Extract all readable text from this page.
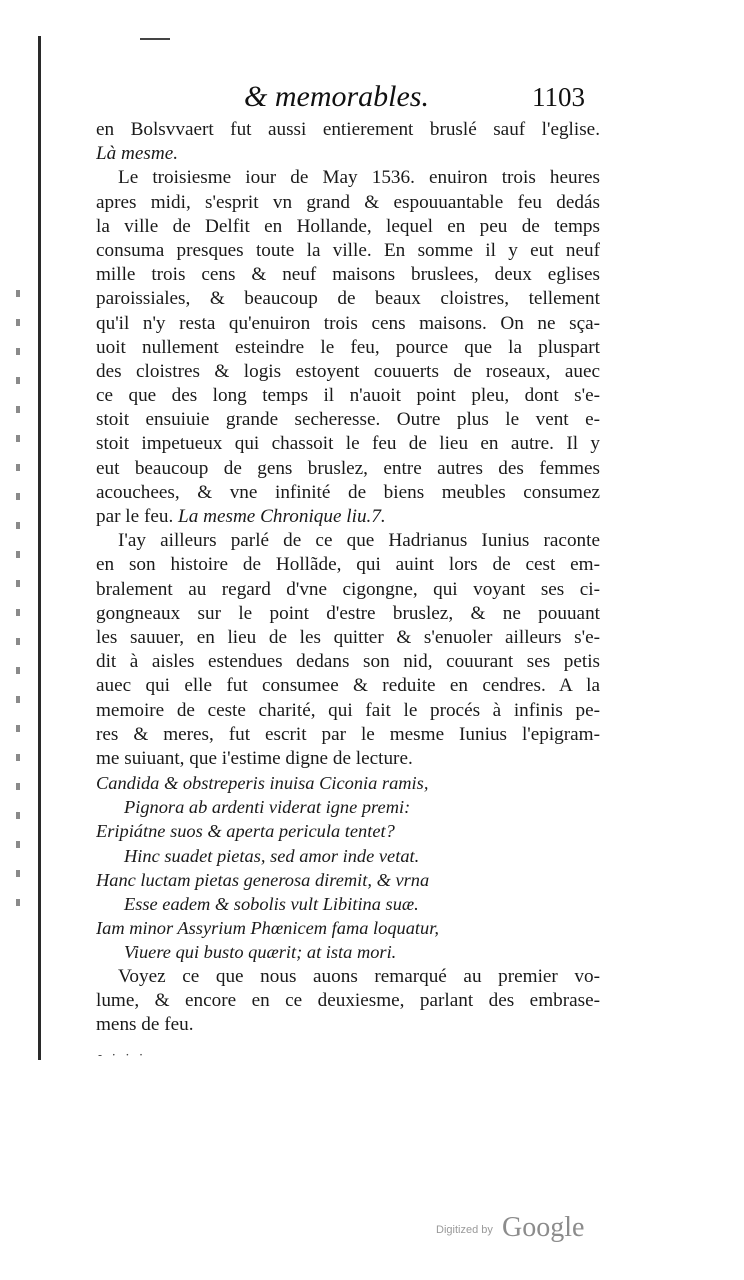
& memorables.	1103
en Bolsvvaert fut aussi entierement bruslé sauf l'eglise.
Là mesme.
Le troisiesme iour de May 1536. enuiron trois heures
apres midi, s'esprit vn grand & espouuantable feu dedás
la ville de Delfit en Hollande, lequel en peu de temps
consuma presques toute la ville. En somme il y eut neuf
mille trois cens & neuf maisons bruslees, deux eglises
paroissiales, & beaucoup de beaux cloistres, tellement
qu'il n'y resta qu'enuiron trois cens maisons. On ne sça-
uoit nullement esteindre le feu, pource que la pluspart
des cloistres & logis estoyent couuerts de roseaux, auec
ce que des long temps il n'auoit point pleu, dont s'e-
stoit ensuiuie grande secheresse. Outre plus le vent e-
stoit impetueux qui chassoit le feu de lieu en autre. Il y
eut beaucoup de gens bruslez, entre autres des femmes
acouchees, & vne infinité de biens meubles consumez
par le feu. La mesme Chronique liu.7.
I'ay ailleurs parlé de ce que Hadrianus Iunius raconte
en son histoire de Hollãde, qui auint lors de cest em-
bralement au regard d'vne cigongne, qui voyant ses ci-
gongneaux sur le point d'estre bruslez, & ne pouuant
les sauuer, en lieu de les quitter & s'enuoler ailleurs s'e-
dit à aisles estendues dedans son nid, couurant ses petis
auec qui elle fut consumee & reduite en cendres. A la
memoire de ceste charité, qui fait le procés à infinis pe-
res & meres, fut escrit par le mesme Iunius l'epigram-
me suiuant, que i'estime digne de lecture.
Candida & obstreperis inuisa Ciconia ramis,
Pignora ab ardenti viderat igne premi:
Eripiátne suos & aperta pericula tentet?
Hinc suadet pietas, sed amor inde vetat.
Hanc luctam pietas generosa diremit, & vrna
Esse eadem & sobolis vult Libitina suæ.
Iam minor Assyrium Phœnicem fama loquatur,
Viuere qui busto quærit; at ista mori.
Voyez ce que nous auons remarqué au premier vo-
lume, & encore en ce deuxiesme, parlant des embrase-
mens de feu.
- · · ·
Digitized by Google
